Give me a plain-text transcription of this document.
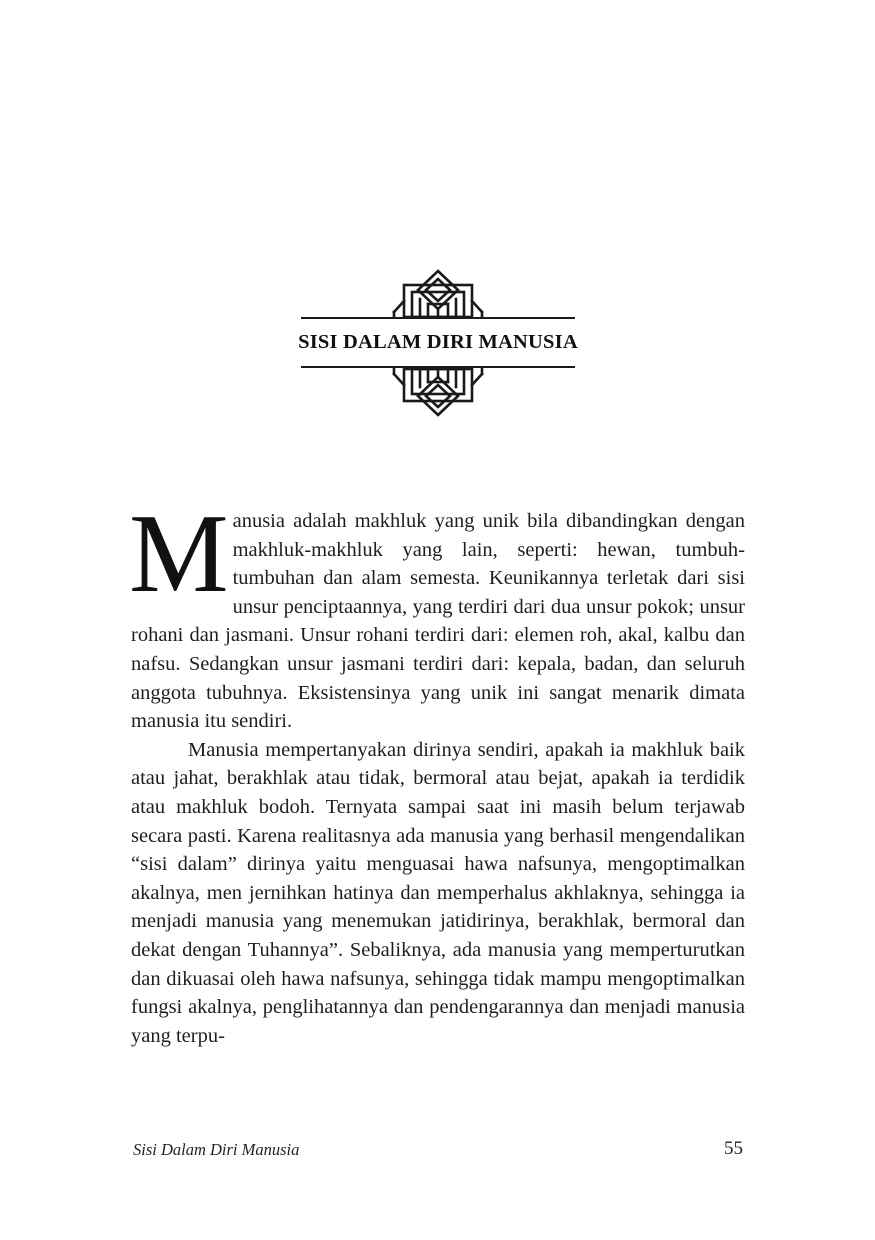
SISI DALAM DIRI MANUSIA

Manusia adalah makhluk yang unik bila dibandingkan dengan makhluk-makhluk yang lain, seperti: hewan, tumbuh-tumbuhan dan alam semesta. Keunikannya terletak dari sisi unsur penciptaannya, yang terdiri dari dua unsur pokok; unsur rohani dan jasmani. Unsur rohani terdiri dari: elemen roh, akal, kalbu dan nafsu. Sedangkan unsur jasmani terdiri dari: kepala, badan, dan seluruh anggota tubuhnya. Eksistensinya yang unik ini sangat menarik dimata manusia itu sendiri.

Manusia mempertanyakan dirinya sendiri, apakah ia makhluk baik atau jahat, berakhlak atau tidak, bermoral atau bejat, apakah ia terdidik atau makhluk bodoh. Ternyata sampai saat ini masih belum terjawab secara pasti. Karena realitasnya ada manusia yang berhasil mengendalikan “sisi dalam” dirinya yaitu menguasai hawa nafsunya, mengoptimalkan akalnya, men jernihkan hatinya dan memperhalus akhlaknya, sehingga ia menjadi manusia yang menemukan jatidirinya, berakhlak, bermoral dan dekat dengan Tuhannya”. Sebaliknya, ada manusia yang memperturutkan dan dikuasai oleh hawa nafsunya, sehingga tidak mampu mengoptimalkan fungsi akalnya, penglihatannya dan pendengarannya dan menjadi manusia yang terpu-

Sisi Dalam Diri Manusia	55
